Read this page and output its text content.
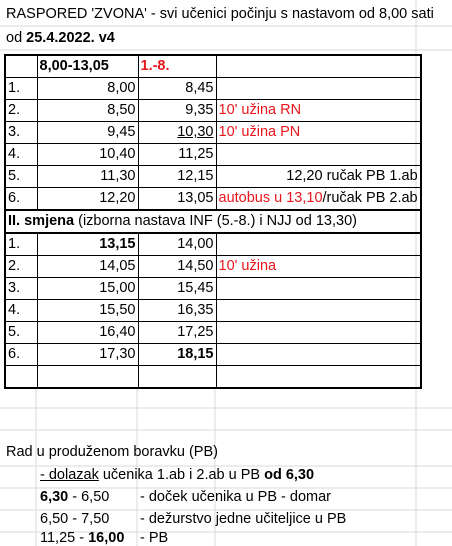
RASPORED 'ZVONA' - svi učenici počinju s nastavom od 8,00 sati
od 25.4.2022. v4
	8,00-13,05	1.-8.	
1.	8,00	8,45	
2.	8,50	9,35	10' užina RN
3.	9,45	10,30	10' užina PN
4.	10,40	11,25	
5.	11,30	12,15	12,20 ručak PB 1.ab
6.	12,20	13,05	autobus u 13,10/ručak PB 2.ab
II. smjena (izborna nastava INF (5.-8.) i NJJ od 13,30)			
1.	13,15	14,00	
2.	14,05	14,50	10' užina
3.	15,00	15,45	
4.	15,50	16,35	
5.	16,40	17,25	
6.	17,30	18,15	

Rad u produženom boravku (PB)
- dolazak učenika 1.ab i 2.ab u PB od 6,30
6,30 - 6,50 - doček učenika u PB - domar
6,50 - 7,50 - dežurstvo jedne učiteljice u PB
11,25 - 16,00 - PB
